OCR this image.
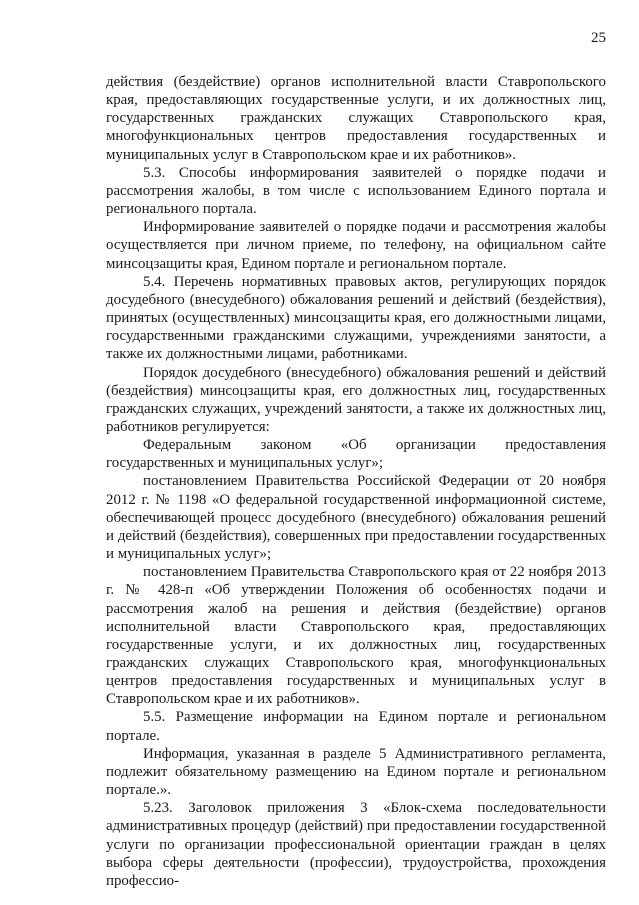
25

действия (бездействие) органов исполнительной власти Ставропольского края, предоставляющих государственные услуги, и их должностных лиц, государственных гражданских служащих Ставропольского края, многофункциональных центров предоставления государственных и муниципальных услуг в Ставропольском крае и их работников».

5.3. Способы информирования заявителей о порядке подачи и рассмотрения жалобы, в том числе с использованием Единого портала и регионального портала.

Информирование заявителей о порядке подачи и рассмотрения жалобы осуществляется при личном приеме, по телефону, на официальном сайте минсоцзащиты края, Едином портале и региональном портале.

5.4. Перечень нормативных правовых актов, регулирующих порядок досудебного (внесудебного) обжалования решений и действий (бездействия), принятых (осуществленных) минсоцзащиты края, его должностными лицами, государственными гражданскими служащими, учреждениями занятости, а также их должностными лицами, работниками.

Порядок досудебного (внесудебного) обжалования решений и действий (бездействия) минсоцзащиты края, его должностных лиц, государственных гражданских служащих, учреждений занятости, а также их должностных лиц, работников регулируется:

Федеральным законом «Об организации предоставления государственных и муниципальных услуг»;

постановлением Правительства Российской Федерации от 20 ноября 2012 г. № 1198 «О федеральной государственной информационной системе, обеспечивающей процесс досудебного (внесудебного) обжалования решений и действий (бездействия), совершенных при предоставлении государственных и муниципальных услуг»;

постановлением Правительства Ставропольского края от 22 ноября 2013 г. № 428-п «Об утверждении Положения об особенностях подачи и рассмотрения жалоб на решения и действия (бездействие) органов исполнительной власти Ставропольского края, предоставляющих государственные услуги, и их должностных лиц, государственных гражданских служащих Ставропольского края, многофункциональных центров предоставления государственных и муниципальных услуг в Ставропольском крае и их работников».

5.5. Размещение информации на Едином портале и региональном портале.

Информация, указанная в разделе 5 Административного регламента, подлежит обязательному размещению на Едином портале и региональном портале.».

5.23. Заголовок приложения 3 «Блок-схема последовательности административных процедур (действий) при предоставлении государственной услуги по организации профессиональной ориентации граждан в целях выбора сферы деятельности (профессии), трудоустройства, прохождения профессио-
